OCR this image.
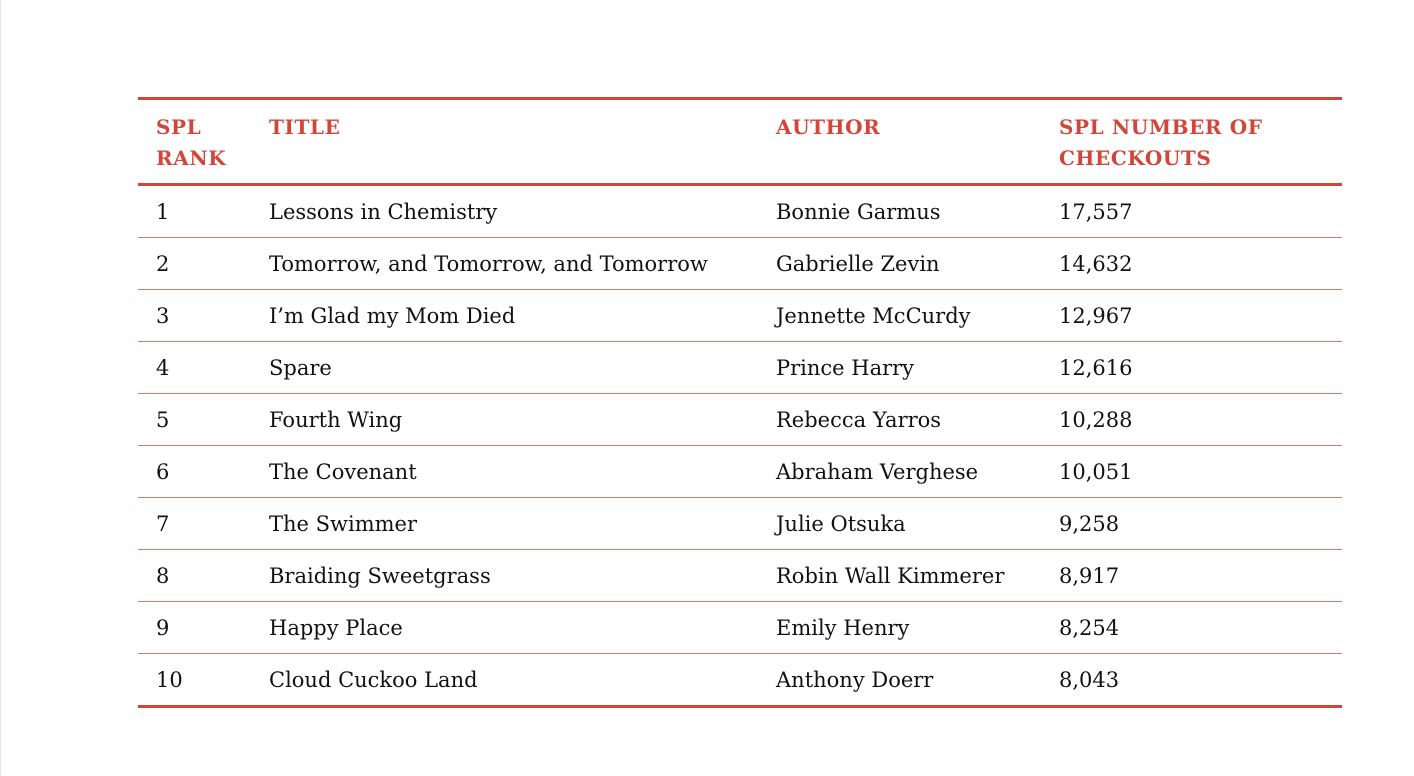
SPL RANK	TITLE	AUTHOR	SPL NUMBER OF CHECKOUTS
1	Lessons in Chemistry	Bonnie Garmus	17,557
2	Tomorrow, and Tomorrow, and Tomorrow	Gabrielle Zevin	14,632
3	I’m Glad my Mom Died	Jennette McCurdy	12,967
4	Spare	Prince Harry	12,616
5	Fourth Wing	Rebecca Yarros	10,288
6	The Covenant	Abraham Verghese	10,051
7	The Swimmer	Julie Otsuka	9,258
8	Braiding Sweetgrass	Robin Wall Kimmerer	8,917
9	Happy Place	Emily Henry	8,254
10	Cloud Cuckoo Land	Anthony Doerr	8,043
